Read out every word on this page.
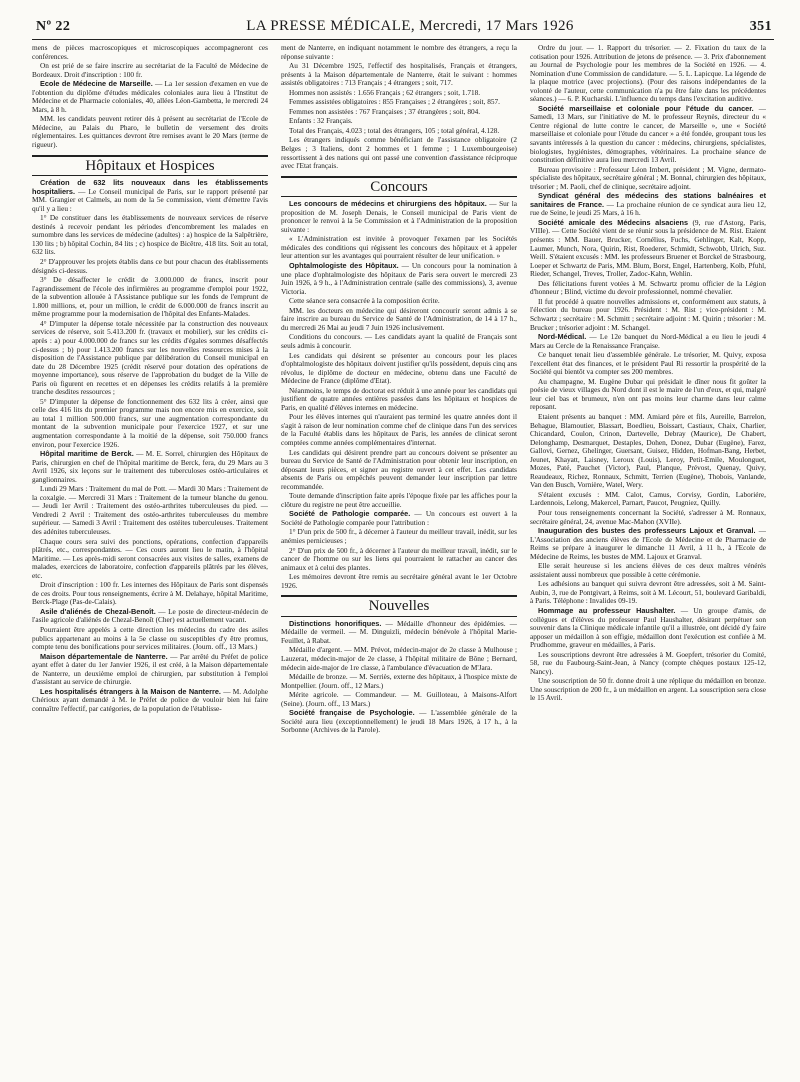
Nº 22	LA PRESSE MÉDICALE, Mercredi, 17 Mars 1926	351

mens de pièces macroscopiques et microscopiques accompagneront ces conférences.

On est prié de se faire inscrire au secrétariat de la Faculté de Médecine de Bordeaux. Droit d'inscription : 100 fr.

Ecole de Médecine de Marseille. — La 1er session d'examen en vue de l'obtention du diplôme d'études médicales coloniales aura lieu à l'Institut de Médecine et de Pharmacie coloniales, 40, allées Léon-Gambetta, le mercredi 24 Mars, à 8 h.

MM. les candidats peuvent retirer dès à présent au secrétariat de l'Ecole de Médecine, au Palais du Pharo, le bulletin de versement des droits réglementaires. Les quittances devront être remises avant le 20 Mars (terme de rigueur).

Hôpitaux et Hospices

Création de 632 lits nouveaux dans les établissements hospitaliers. — Le Conseil municipal de Paris, sur le rapport présenté par MM. Grangier et Calmels, au nom de la 5e commission, vient d'émettre l'avis qu'il y a lieu :

1° De constituer dans les établissements de nouveaux services de réserve destinés à recevoir pendant les périodes d'encombrement les malades en surnombre dans les services de médecine (adultes) : a) hospice de la Salpêtrière, 130 lits ; b) hôpital Cochin, 84 lits ; c) hospice de Bicêtre, 418 lits. Soit au total, 632 lits.

2° D'approuver les projets établis dans ce but pour chacun des établissements désignés ci-dessus.

3° De désaffecter le crédit de 3.000.000 de francs, inscrit pour l'agrandissement de l'école des infirmières au programme d'emploi pour 1922, de la subvention allouée à l'Assistance publique sur les fonds de l'emprunt de 1.800 millions, et, pour un million, le crédit de 6.000.000 de francs inscrit au même programme pour la modernisation de l'hôpital des Enfants-Malades.

4° D'imputer la dépense totale nécessitée par la construction des nouveaux services de réserve, soit 5.413.200 fr. (travaux et mobilier), sur les crédits ci-après : a) pour 4.000.000 de francs sur les crédits d'égales sommes désaffectés ci-dessus ; b) pour 1.413.200 francs sur les nouvelles ressources mises à la disposition de l'Assistance publique par délibération du Conseil municipal en date du 28 Décembre 1925 (crédit réservé pour dotation des opérations de moyenne importance), sous réserve de l'approbation du budget de la Ville de Paris où figurent en recettes et en dépenses les crédits relatifs à la première tranche desdites ressources ;

5° D'imputer la dépense de fonctionnement des 632 lits à créer, ainsi que celle des 416 lits du premier programme mais non encore mis en exercice, soit au total 1 million 500.000 francs, sur une augmentation correspondante du montant de la subvention municipale pour l'exercice 1927, et sur une augmentation correspondante à la moitié de la dépense, soit 750.000 francs environ, pour l'exercice 1926.

Hôpital maritime de Berck. — M. E. Sorrel, chirurgien des Hôpitaux de Paris, chirurgien en chef de l'hôpital maritime de Berck, fera, du 29 Mars au 3 Avril 1926, six leçons sur le traitement des tuberculoses ostéo-articulaires et ganglionnaires.

Lundi 29 Mars : Traitement du mal de Pott. — Mardi 30 Mars : Traitement de la coxalgie. — Mercredi 31 Mars : Traitement de la tumeur blanche du genou. — Jeudi 1er Avril : Traitement des ostéo-arthrites tuberculeuses du pied. — Vendredi 2 Avril : Traitement des ostéo-arthrites tuberculeuses du membre supérieur. — Samedi 3 Avril : Traitement des ostéites tuberculeuses. Traitement des adénites tuberculeuses.

Chaque cours sera suivi des ponctions, opérations, confection d'appareils plâtrés, etc., correspondantes. — Ces cours auront lieu le matin, à l'hôpital Maritime. — Les après-midi seront consacrées aux visites de salles, examens de malades, exercices de laboratoire, confection d'appareils plâtrés par les élèves, etc.

Droit d'inscription : 100 fr. Les internes des Hôpitaux de Paris sont dispensés de ces droits. Pour tous renseignements, écrire à M. Delahaye, hôpital Maritime, Berck-Plage (Pas-de-Calais).

Asile d'aliénés de Chezal-Benoît. — Le poste de directeur-médecin de l'asile agricole d'aliénés de Chezal-Benoît (Cher) est actuellement vacant.

Pourraient être appelés à cette direction les médecins du cadre des asiles publics appartenant au moins à la 5e classe ou susceptibles d'y être promus, compte tenu des bonifications pour services militaires. (Journ. off., 13 Mars.)

Maison départementale de Nanterre. — Par arrêté du Préfet de police ayant effet à dater du 1er Janvier 1926, il est créé, à la Maison départementale de Nanterre, un deuxième emploi de chirurgien, par substitution à l'emploi d'assistant au service de chirurgie.

Les hospitalisés étrangers à la Maison de Nanterre. — M. Adolphe Chérioux ayant demandé à M. le Préfet de police de vouloir bien lui faire connaître l'effectif, par catégories, de la population de l'établisse-

ment de Nanterre, en indiquant notamment le nombre des étrangers, a reçu la réponse suivante :

Au 31 Décembre 1925, l'effectif des hospitalisés, Français et étrangers, présents à la Maison départementale de Nanterre, était le suivant : hommes assistés obligatoires : 713 Français ; 4 étrangers ; soit, 717.

Hommes non assistés : 1.656 Français ; 62 étrangers ; soit, 1.718.

Femmes assistées obligatoires : 855 Françaises ; 2 étrangères ; soit, 857.

Femmes non assistées : 767 Françaises ; 37 étrangères ; soit, 804.

Enfants : 32 Français.

Total des Français, 4.023 ; total des étrangers, 105 ; total général, 4.128.

Les étrangers indiqués comme bénéficiant de l'assistance obligatoire (2 Belges ; 3 Italiens, dont 2 hommes et 1 femme ; 1 Luxembourgeoise) ressortissent à des nations qui ont passé une convention d'assistance réciproque avec l'Etat français.

Concours

Les concours de médecins et chirurgiens des hôpitaux. — Sur la proposition de M. Joseph Denais, le Conseil municipal de Paris vient de prononcer le renvoi à la 5e Commission et à l'Administration de la proposition suivante :

« L'Administration est invitée à provoquer l'examen par les Sociétés médicales des conditions qui régissent les concours des hôpitaux et à appeler leur attention sur les avantages qui pourraient résulter de leur unification. »

Ophtalmologiste des Hôpitaux. — Un concours pour la nomination à une place d'ophtalmologiste des hôpitaux de Paris sera ouvert le mercredi 23 Juin 1926, à 9 h., à l'Administration centrale (salle des commissions), 3, avenue Victoria.

Cette séance sera consacrée à la composition écrite.

MM. les docteurs en médecine qui désireront concourir seront admis à se faire inscrire au bureau du Service de Santé de l'Administration, de 14 à 17 h., du mercredi 26 Mai au jeudi 7 Juin 1926 inclusivement.

Conditions du concours. — Les candidats ayant la qualité de Français sont seuls admis à concourir.

Les candidats qui désirent se présenter au concours pour les places d'ophtalmologiste des hôpitaux doivent justifier qu'ils possèdent, depuis cinq ans révolus, le diplôme de docteur en médecine, obtenu dans une Faculté de Médecine de France (diplôme d'Etat).

Néanmoins, le temps de doctorat est réduit à une année pour les candidats qui justifient de quatre années entières passées dans les hôpitaux et hospices de Paris, en qualité d'élèves internes en médecine.

Pour les élèves internes qui n'auraient pas terminé les quatre années dont il s'agit à raison de leur nomination comme chef de clinique dans l'un des services de la Faculté établis dans les hôpitaux de Paris, les années de clinicat seront comptées comme années complémentaires d'internat.

Les candidats qui désirent prendre part au concours doivent se présenter au bureau du Service de Santé de l'Administration pour obtenir leur inscription, en déposant leurs pièces, et signer au registre ouvert à cet effet. Les candidats absents de Paris ou empêchés peuvent demander leur inscription par lettre recommandée.

Toute demande d'inscription faite après l'époque fixée par les affiches pour la clôture du registre ne peut être accueillie.

Société de Pathologie comparée. — Un concours est ouvert à la Société de Pathologie comparée pour l'attribution :

1° D'un prix de 500 fr., à décerner à l'auteur du meilleur travail, inédit, sur les anémies pernicieuses ;

2° D'un prix de 500 fr., à décerner à l'auteur du meilleur travail, inédit, sur le cancer de l'homme ou sur les liens qui pourraient le rattacher au cancer des animaux et à celui des plantes.

Les mémoires devront être remis au secrétaire général avant le 1er Octobre 1926.

Nouvelles

Distinctions honorifiques. — Médaille d'honneur des épidémies. — Médaille de vermeil. — M. Dinguizli, médecin bénévole à l'hôpital Marie-Feuillet, à Rabat.

Médaille d'argent. — MM. Prévot, médecin-major de 2e classe à Mulhouse ; Lauzerat, médecin-major de 2e classe, à l'hôpital militaire de Bône ; Bernard, médecin aide-major de 1re classe, à l'ambulance d'évacuation de M'Jara.

Médaille de bronze. — M. Serriès, externe des hôpitaux, à l'hospice mixte de Montpellier. (Journ. off., 12 Mars.)

Mérite agricole. — Commandeur. — M. Guilloteau, à Maisons-Alfort (Seine). (Journ. off., 13 Mars.)

Société française de Psychologie. — L'assemblée générale de la Société aura lieu (exceptionnellement) le jeudi 18 Mars 1926, à 17 h., à la Sorbonne (Archives de la Parole).

Ordre du jour. — 1. Rapport du trésorier. — 2. Fixation du taux de la cotisation pour 1926. Attribution de jetons de présence. — 3. Prix d'abonnement au Journal de Psychologie pour les membres de la Société en 1926. — 4. Nomination d'une Commission de candidature. — 5. L. Lapicque. La légende de la plaque motrice (avec projections). (Pour des raisons indépendantes de la volonté de l'auteur, cette communication n'a pu être faite dans les précédentes séances.) — 6. P. Kucharski. L'influence du temps dans l'excitation auditive.

Société marseillaise et coloniale pour l'étude du cancer. — Samedi, 13 Mars, sur l'initiative de M. le professeur Reynès, directeur du « Centre régional de lutte contre le cancer, de Marseille », une « Société marseillaise et coloniale pour l'étude du cancer » a été fondée, groupant tous les savants intéressés à la question du cancer : médecins, chirurgiens, spécialistes, biologistes, hygiénistes, démographes, vétérinaires. La prochaine séance de constitution définitive aura lieu mercredi 13 Avril.

Bureau provisoire : Professeur Léon Imbert, président ; M. Vigne, dermato-spécialiste des hôpitaux, secrétaire général ; M. Bonnal, chirurgien des hôpitaux, trésorier ; M. Paoli, chef de clinique, secrétaire adjoint.

Syndicat général des médecins des stations balnéaires et sanitaires de France. — La prochaine réunion de ce syndicat aura lieu 12, rue de Seine, le jeudi 25 Mars, à 16 h.

Société amicale des Médecins alsaciens (9, rue d'Astorg, Paris, VIIIe). — Cette Société vient de se réunir sous la présidence de M. Rist. Etaient présents : MM. Bauer, Brucker, Cornélius, Fuchs, Gehlinger, Kalt, Kopp, Laumer, Munch, Nora, Quirin, Rist, Roederer, Schmidt, Schwobb, Ulrich, Suz. Weill. S'étaient excusés : MM. les professeurs Bruener et Borckel de Strasbourg, Loeper et Schwartz de Paris, MM. Blum, Borst, Engel, Hartenberg, Kolb, Pfuhl, Rieder, Schangel, Treves, Troller, Zadoc-Kahn, Wehlin.

Des félicitations furent votées à M. Schwartz promu officier de la Légion d'honneur ; Blind, victime du devoir professionnel, nommé chevalier.

Il fut procédé à quatre nouvelles admissions et, conformément aux statuts, à l'élection du bureau pour 1926. Président : M. Rist ; vice-président : M. Schwartz ; secrétaire : M. Schmitt ; secrétaire adjoint : M. Quirin ; trésorier : M. Brucker ; trésorier adjoint : M. Schangel.

Nord-Médical. — Le 12e banquet du Nord-Médical a eu lieu le jeudi 4 Mars au Cercle de la Renaissance Française.

Ce banquet tenait lieu d'assemblée générale. Le trésorier, M. Quivy, exposa l'excellent état des finances, et le président Paul Ri ressortir la prospérité de la Société qui bientôt va compter ses 200 membres.

Au champagne, M. Eugène Dubar qui présidait le dîner nous fit goûter la poésie de vieux villages du Nord dont il est le maire de l'un d'eux, et qui, malgré leur ciel bas et brumeux, n'en ont pas moins leur charme dans leur calme reposant.

Etaient présents au banquet : MM. Amiard père et fils, Aureille, Barrelon, Behague, Blamoutier, Blassart, Boedlieu, Boissart, Castiaux, Chaix, Charlier, Chicandard, Coulon, Crinon, Dartevelle, Debray (Maurice), De Chabert, Delonghamp, Desmarquet, Destaples, Dohen, Donez, Dubar (Eugène), Farez, Gallovi, Gernez, Ghelinger, Guersant, Guisez, Hidden, Hofman-Bang, Herbet, Jeunet, Khayatt, Laisney, Leroux (Louis), Leroy, Petit-Emile, Moulonguet, Mozes, Paté, Pauchet (Victor), Paul, Planque, Prévost, Quenay, Quivy, Reaudeaux, Richez, Ronnaux, Schmitt, Terrien (Eugène), Thobois, Vanlande, Van den Busch, Vornière, Watel, Wery.

S'étaient excusés : MM. Calot, Camus, Corvisy, Gordin, Laboriére, Lardennois, Lelong, Makercel, Parnart, Paucot, Peugniez, Quilly.

Pour tous renseignements concernant la Société, s'adresser à M. Ronnaux, secrétaire général, 24, avenue Mac-Mahon (XVIIe).

Inauguration des bustes des professeurs Lajoux et Granval. — L'Association des anciens élèves de l'Ecole de Médecine et de Pharmacie de Reims se prépare à inaugurer le dimanche 11 Avril, à 11 h., à l'Ecole de Médecine de Reims, les bustes de MM. Lajoux et Granval.

Elle serait heureuse si les anciens élèves de ces deux maîtres vénérés assistaient aussi nombreux que possible à cette cérémonie.

Les adhésions au banquet qui suivra devront être adressées, soit à M. Saint-Aubin, 3, rue de Pontgivart, à Reims, soit à M. Lécourt, 51, boulevard Garibaldi, à Paris. Téléphone : Invalides 09-19.

Hommage au professeur Haushalter. — Un groupe d'amis, de collègues et d'élèves du professeur Paul Haushalter, désirant perpétuer son souvenir dans la Clinique médicale infantile qu'il a illustrée, ont décidé d'y faire apposer un médaillon à son effigie, médaillon dont l'exécution est confiée à M. Prudhomme, graveur en médailles, à Paris.

Les souscriptions devront être adressées à M. Goepfert, trésorier du Comité, 58, rue du Faubourg-Saint-Jean, à Nancy (compte chèques postaux 125-12, Nancy).

Une souscription de 50 fr. donne droit à une réplique du médaillon en bronze. Une souscription de 200 fr., à un médaillon en argent. La souscription sera close le 15 Avril.
